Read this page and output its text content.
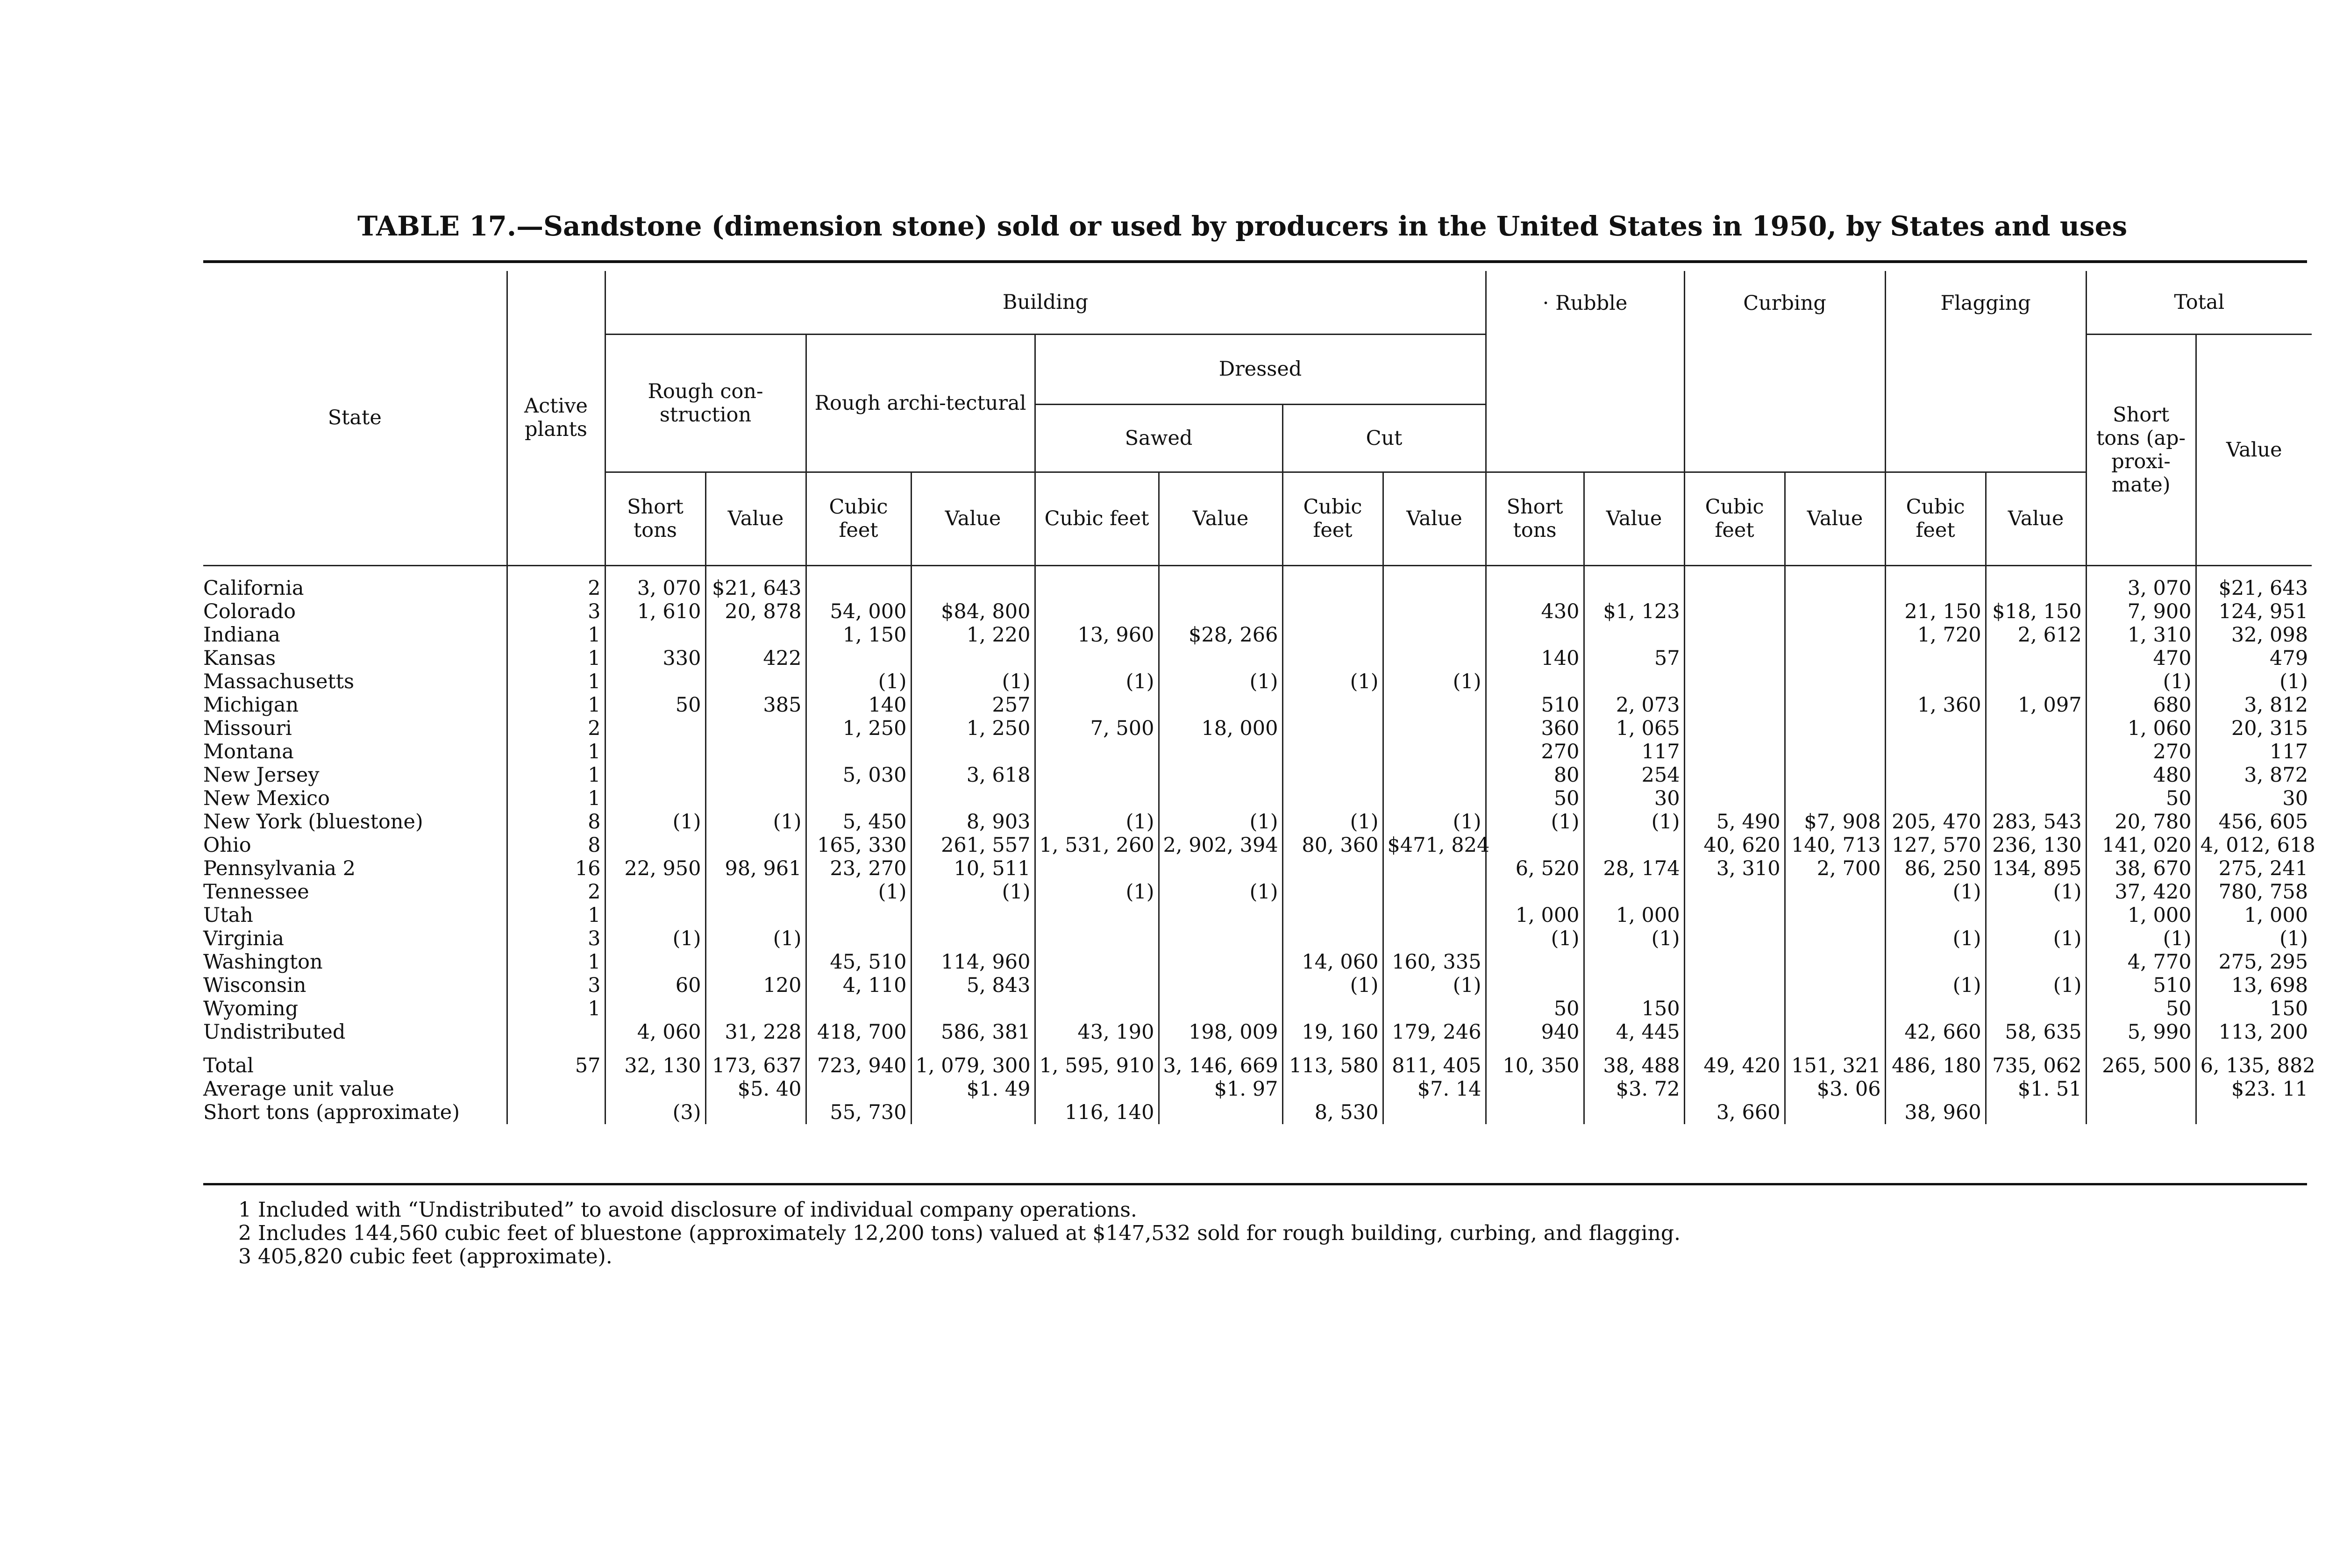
TABLE 17.—Sandstone (dimension stone) sold or used by producers in the United States in 1950, by States and uses
State	Active plants	Building								· Rubble		Curbing		Flagging		Total	
		Rough con-struction		Rough archi-tectural		Dressed										Short tons (ap-proxi-mate)	Value
						Sawed		Cut									
		Short tons	Value	Cubic feet	Value	Cubic feet	Value	Cubic feet	Value	Short tons	Value	Cubic feet	Value	Cubic feet	Value		

California	2	3, 070	$21, 643													3, 070	$21, 643
Colorado	3	1, 610	20, 878	54, 000	$84, 800					430	$1, 123			21, 150	$18, 150	7, 900	124, 951
Indiana	1			1, 150	1, 220	13, 960	$28, 266							1, 720	2, 612	1, 310	32, 098
Kansas	1	330	422							140	57					470	479
Massachusetts	1			(1)	(1)	(1)	(1)	(1)	(1)							(1)	(1)
Michigan	1	50	385	140	257					510	2, 073			1, 360	1, 097	680	3, 812
Missouri	2			1, 250	1, 250	7, 500	18, 000			360	1, 065					1, 060	20, 315
Montana	1									270	117					270	117
New Jersey	1			5, 030	3, 618					80	254					480	3, 872
New Mexico	1									50	30					50	30
New York (bluestone)	8	(1)	(1)	5, 450	8, 903	(1)	(1)	(1)	(1)	(1)	(1)	5, 490	$7, 908	205, 470	283, 543	20, 780	456, 605
Ohio	8			165, 330	261, 557	1, 531, 260	2, 902, 394	80, 360	$471, 824			40, 620	140, 713	127, 570	236, 130	141, 020	4, 012, 618
Pennsylvania 2	16	22, 950	98, 961	23, 270	10, 511					6, 520	28, 174	3, 310	2, 700	86, 250	134, 895	38, 670	275, 241
Tennessee	2			(1)	(1)	(1)	(1)							(1)	(1)	37, 420	780, 758
Utah	1									1, 000	1, 000					1, 000	1, 000
Virginia	3	(1)	(1)							(1)	(1)			(1)	(1)	(1)	(1)
Washington	1			45, 510	114, 960			14, 060	160, 335							4, 770	275, 295
Wisconsin	3	60	120	4, 110	5, 843			(1)	(1)					(1)	(1)	510	13, 698
Wyoming	1									50	150					50	150
Undistributed		4, 060	31, 228	418, 700	586, 381	43, 190	198, 009	19, 160	179, 246	940	4, 445			42, 660	58, 635	5, 990	113, 200

Total	57	32, 130	173, 637	723, 940	1, 079, 300	1, 595, 910	3, 146, 669	113, 580	811, 405	10, 350	38, 488	49, 420	151, 321	486, 180	735, 062	265, 500	6, 135, 882
Average unit value			$5. 40		$1. 49		$1. 97		$7. 14		$3. 72		$3. 06		$1. 51		$23. 11
Short tons (approximate)		(3)		55, 730		116, 140		8, 530				3, 660		38, 960			
1 Included with “Undistributed” to avoid disclosure of individual company operations.
2 Includes 144,560 cubic feet of bluestone (approximately 12,200 tons) valued at $147,532 sold for rough building, curbing, and flagging.
3 405,820 cubic feet (approximate).
